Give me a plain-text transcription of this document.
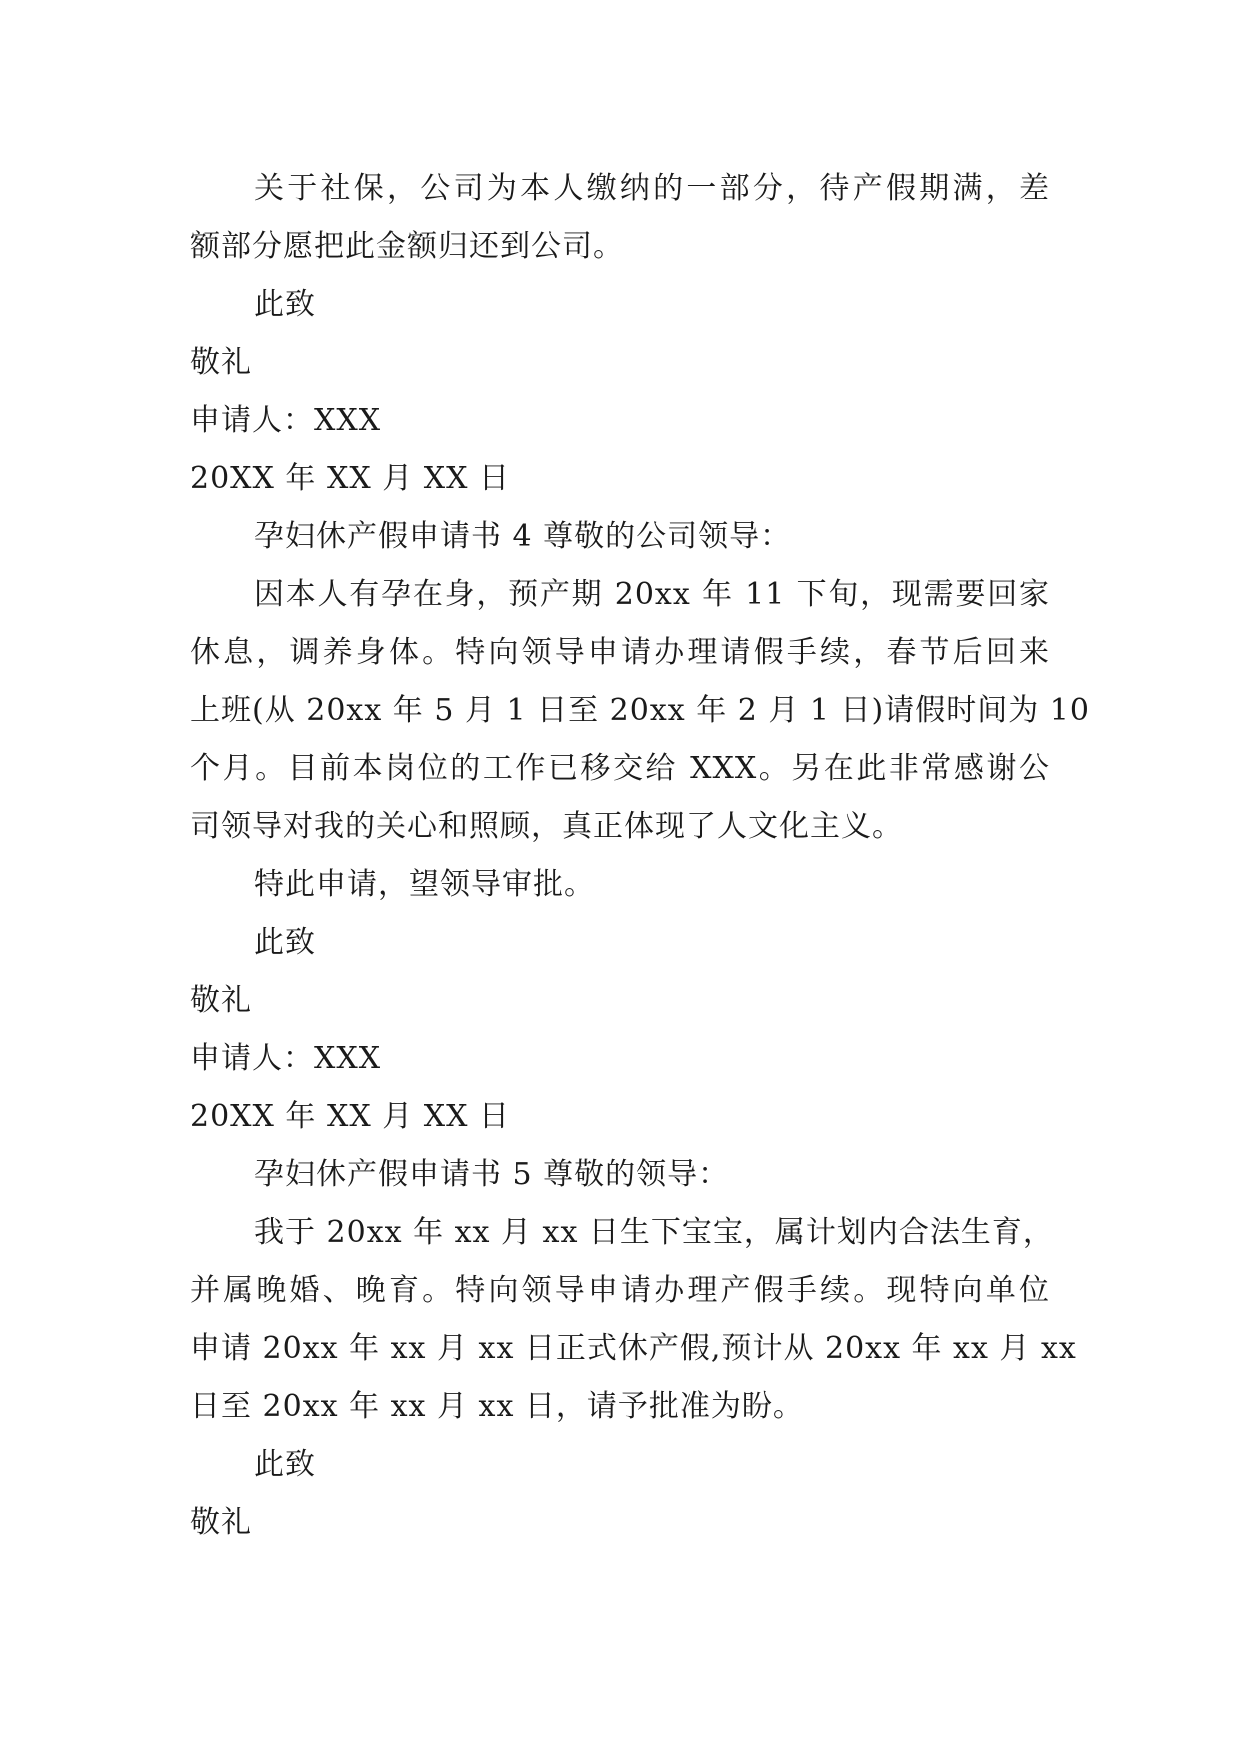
关于社保，公司为本人缴纳的一部分，待产假期满，差
额部分愿把此金额归还到公司。
此致
敬礼
申请人：XXX
20XX 年 XX 月 XX 日
孕妇休产假申请书 4 尊敬的公司领导：
因本人有孕在身，预产期 20xx 年 11 下旬，现需要回家
休息，调养身体。特向领导申请办理请假手续，春节后回来
上班(从 20xx 年 5 月 1 日至 20xx 年 2 月 1 日)请假时间为 10
个月。目前本岗位的工作已移交给 XXX。另在此非常感谢公
司领导对我的关心和照顾，真正体现了人文化主义。
特此申请，望领导审批。
此致
敬礼
申请人：XXX
20XX 年 XX 月 XX 日
孕妇休产假申请书 5 尊敬的领导：
我于 20xx 年 xx 月 xx 日生下宝宝，属计划内合法生育，
并属晚婚、晚育。特向领导申请办理产假手续。现特向单位
申请 20xx 年 xx 月 xx 日正式休产假,预计从 20xx 年 xx 月 xx
日至 20xx 年 xx 月 xx 日，请予批准为盼。
此致
敬礼
